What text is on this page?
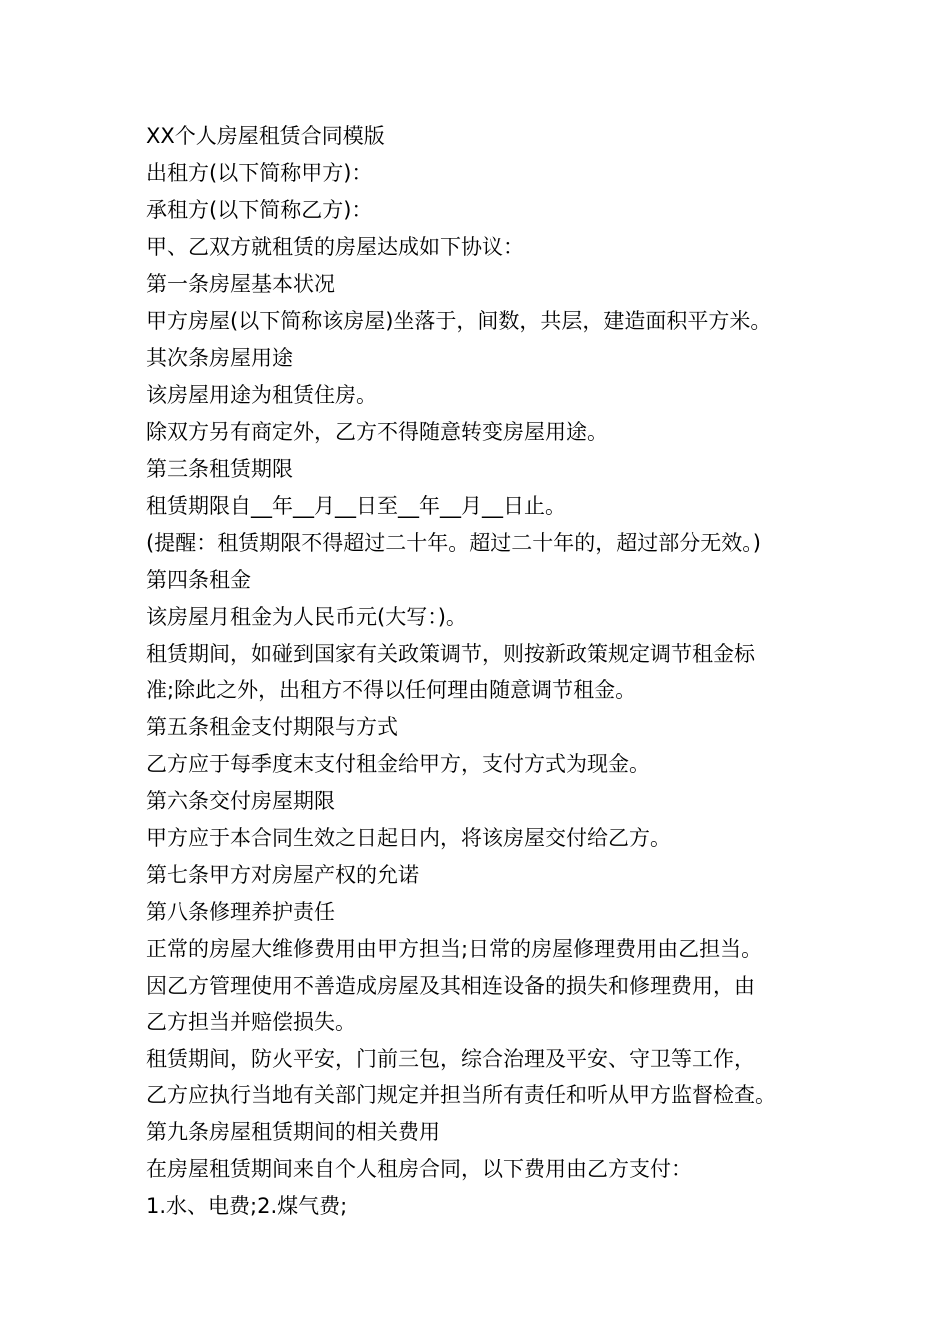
XX个人房屋租赁合同模版
出租方(以下简称甲方)：
承租方(以下简称乙方)：
甲、乙双方就租赁的房屋达成如下协议：
第一条房屋基本状况
甲方房屋(以下简称该房屋)坐落于，间数，共层，建造面积平方米。
其次条房屋用途
该房屋用途为租赁住房。
除双方另有商定外，乙方不得随意转变房屋用途。
第三条租赁期限
租赁期限自__年__月__日至__年__月__日止。
(提醒：租赁期限不得超过二十年。超过二十年的，超过部分无效。)
第四条租金
该房屋月租金为人民币元(大写：)。
租赁期间，如碰到国家有关政策调节，则按新政策规定调节租金标
准;除此之外，出租方不得以任何理由随意调节租金。
第五条租金支付期限与方式
乙方应于每季度末支付租金给甲方，支付方式为现金。
第六条交付房屋期限
甲方应于本合同生效之日起日内，将该房屋交付给乙方。
第七条甲方对房屋产权的允诺
第八条修理养护责任
正常的房屋大维修费用由甲方担当;日常的房屋修理费用由乙担当。
因乙方管理使用不善造成房屋及其相连设备的损失和修理费用，由
乙方担当并赔偿损失。
租赁期间，防火平安，门前三包，综合治理及平安、守卫等工作，
乙方应执行当地有关部门规定并担当所有责任和听从甲方监督检查。
第九条房屋租赁期间的相关费用
在房屋租赁期间来自个人租房合同，以下费用由乙方支付：
1.水、电费;2.煤气费;
